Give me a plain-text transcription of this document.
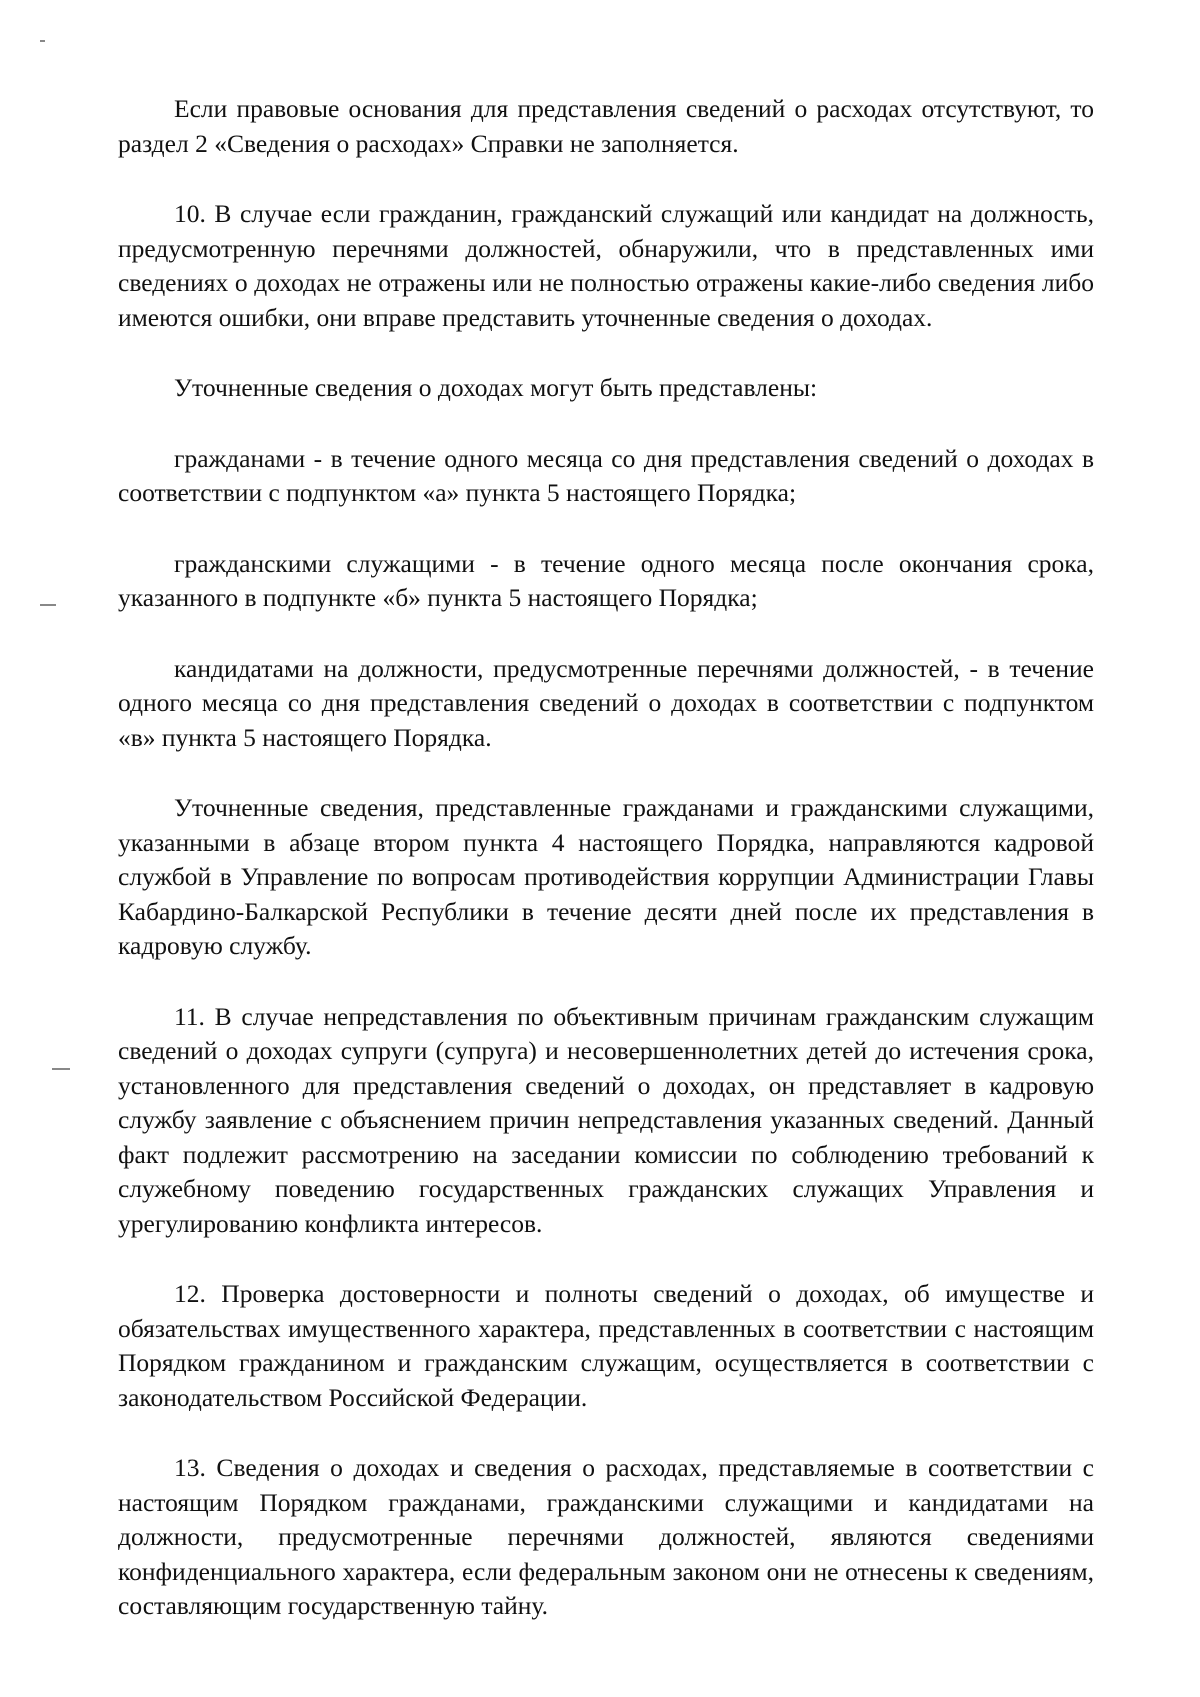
Если правовые основания для представления сведений о расходах отсутствуют, то раздел 2 «Сведения о расходах» Справки не заполняется.

10. В случае если гражданин, гражданский служащий или кандидат на должность, предусмотренную перечнями должностей, обнаружили, что в представленных ими сведениях о доходах не отражены или не полностью отражены какие-либо сведения либо имеются ошибки, они вправе представить уточненные сведения о доходах.

Уточненные сведения о доходах могут быть представлены:

гражданами - в течение одного месяца со дня представления сведений о доходах в соответствии с подпунктом «а» пункта 5 настоящего Порядка;

гражданскими служащими - в течение одного месяца после окончания срока, указанного в подпункте «б» пункта 5 настоящего Порядка;

кандидатами на должности, предусмотренные перечнями должностей, - в течение одного месяца со дня представления сведений о доходах в соответствии с подпунктом «в» пункта 5 настоящего Порядка.

Уточненные сведения, представленные гражданами и гражданскими служащими, указанными в абзаце втором пункта 4 настоящего Порядка, направляются кадровой службой в Управление по вопросам противодействия коррупции Администрации Главы Кабардино-Балкарской Республики в течение десяти дней после их представления в кадровую службу.

11. В случае непредставления по объективным причинам гражданским служащим сведений о доходах супруги (супруга) и несовершеннолетних детей до истечения срока, установленного для представления сведений о доходах, он представляет в кадровую службу заявление с объяснением причин непредставления указанных сведений. Данный факт подлежит рассмотрению на заседании комиссии по соблюдению требований к служебному поведению государственных гражданских служащих Управления и урегулированию конфликта интересов.

12. Проверка достоверности и полноты сведений о доходах, об имуществе и обязательствах имущественного характера, представленных в соответствии с настоящим Порядком гражданином и гражданским служащим, осуществляется в соответствии с законодательством Российской Федерации.

13. Сведения о доходах и сведения о расходах, представляемые в соответствии с настоящим Порядком гражданами, гражданскими служащими и кандидатами на должности, предусмотренные перечнями должностей, являются сведениями конфиденциального характера, если федеральным законом они не отнесены к сведениям, составляющим государственную тайну.
